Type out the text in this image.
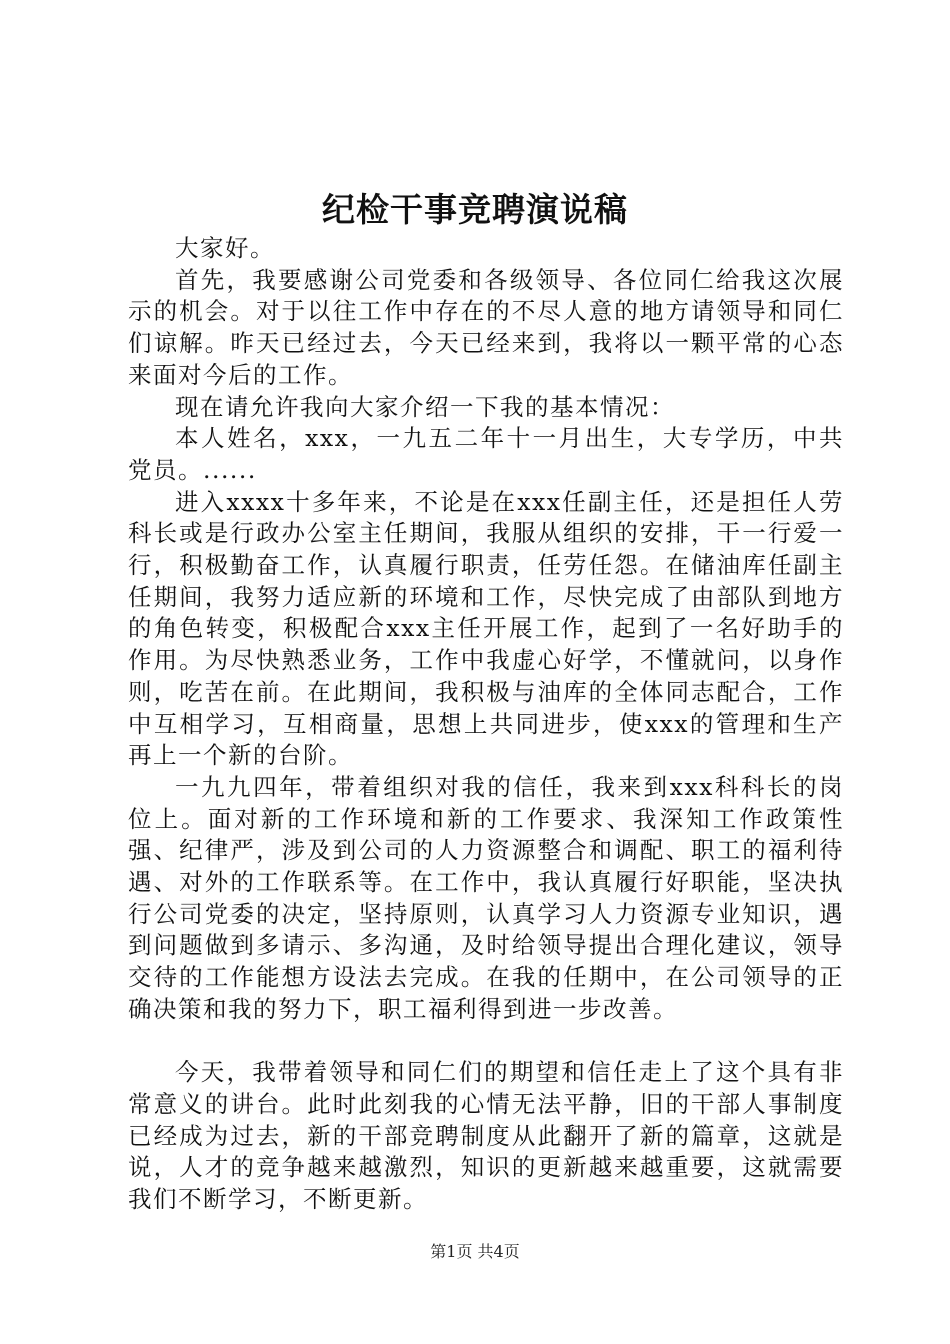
纪检干事竞聘演说稿

大家好。

首先，我要感谢公司党委和各级领导、各位同仁给我这次展示的机会。对于以往工作中存在的不尽人意的地方请领导和同仁们谅解。昨天已经过去，今天已经来到，我将以一颗平常的心态来面对今后的工作。

现在请允许我向大家介绍一下我的基本情况：

本人姓名，xxx，一九五二年十一月出生，大专学历，中共党员。......

进入xxxx十多年来，不论是在xxx任副主任，还是担任人劳科长或是行政办公室主任期间，我服从组织的安排，干一行爱一行，积极勤奋工作，认真履行职责，任劳任怨。在储油库任副主任期间，我努力适应新的环境和工作，尽快完成了由部队到地方的角色转变，积极配合xxx主任开展工作，起到了一名好助手的作用。为尽快熟悉业务，工作中我虚心好学，不懂就问，以身作则，吃苦在前。在此期间，我积极与油库的全体同志配合，工作中互相学习，互相商量，思想上共同进步，使xxx的管理和生产再上一个新的台阶。

一九九四年，带着组织对我的信任，我来到xxx科科长的岗位上。面对新的工作环境和新的工作要求、我深知工作政策性强、纪律严，涉及到公司的人力资源整合和调配、职工的福利待遇、对外的工作联系等。在工作中，我认真履行好职能，坚决执行公司党委的决定，坚持原则，认真学习人力资源专业知识，遇到问题做到多请示、多沟通，及时给领导提出合理化建议，领导交待的工作能想方设法去完成。在我的任期中，在公司领导的正确决策和我的努力下，职工福利得到进一步改善。

今天，我带着领导和同仁们的期望和信任走上了这个具有非常意义的讲台。此时此刻我的心情无法平静，旧的干部人事制度已经成为过去，新的干部竞聘制度从此翻开了新的篇章，这就是说，人才的竞争越来越激烈，知识的更新越来越重要，这就需要我们不断学习，不断更新。

第1页 共4页
